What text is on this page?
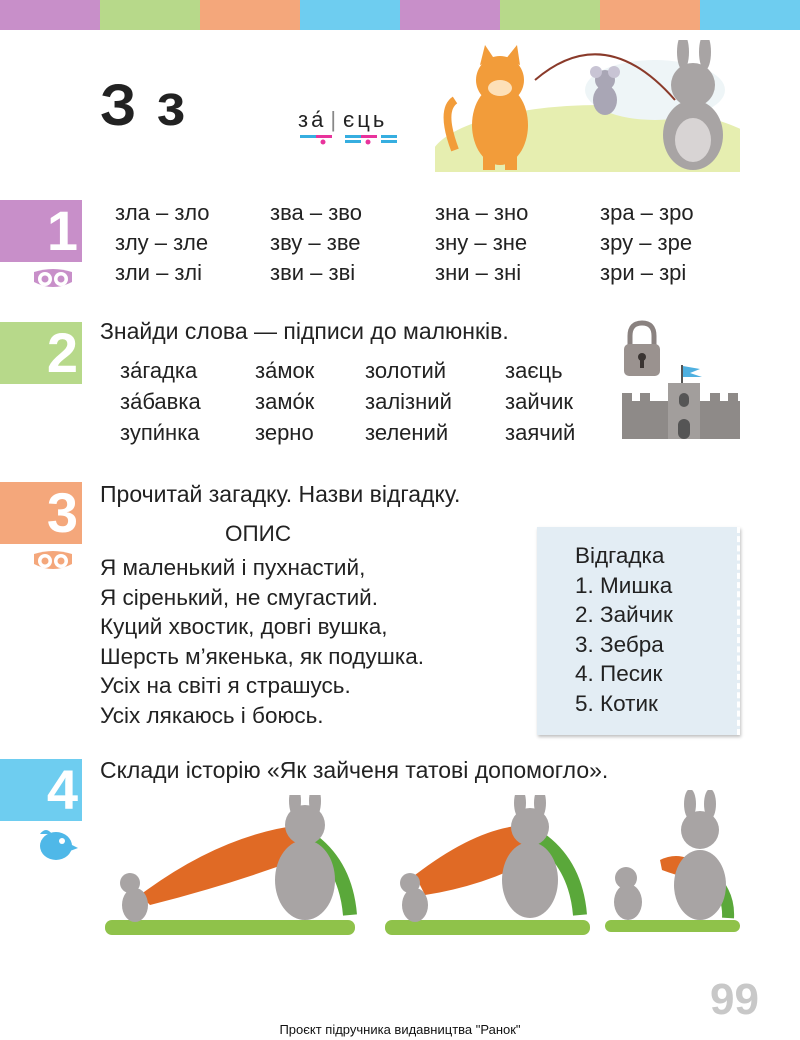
З з	за́ | єць
1 зла – зло	зва – зво	зна – зно	зра – зро
злу – зле	зву – зве	зну – зне	зру – зре
зли – злі	зви – зві	зни – зні	зри – зрі
2 Знайди слова — підписи до малюнків.
за́гадка	за́мок	золотий	заєць
за́бавка	замо́к	залізний	зайчик
зупи́нка	зерно	зелений	заячий
3 Прочитай загадку. Назви відгадку.
ОПИС
Я маленький і пухнастий,
Я сіренький, не смугастий.
Куций хвостик, довгі вушка,
Шерсть м’якенька, як подушка.
Усіх на світі я страшусь.
Усіх лякаюсь і боюсь.
Відгадка
1. Мишка
2. Зайчик
3. Зебра
4. Песик
5. Котик
4 Склади історію «Як зайченя татові допомогло».
99
Проєкт підручника видавництва "Ранок"
